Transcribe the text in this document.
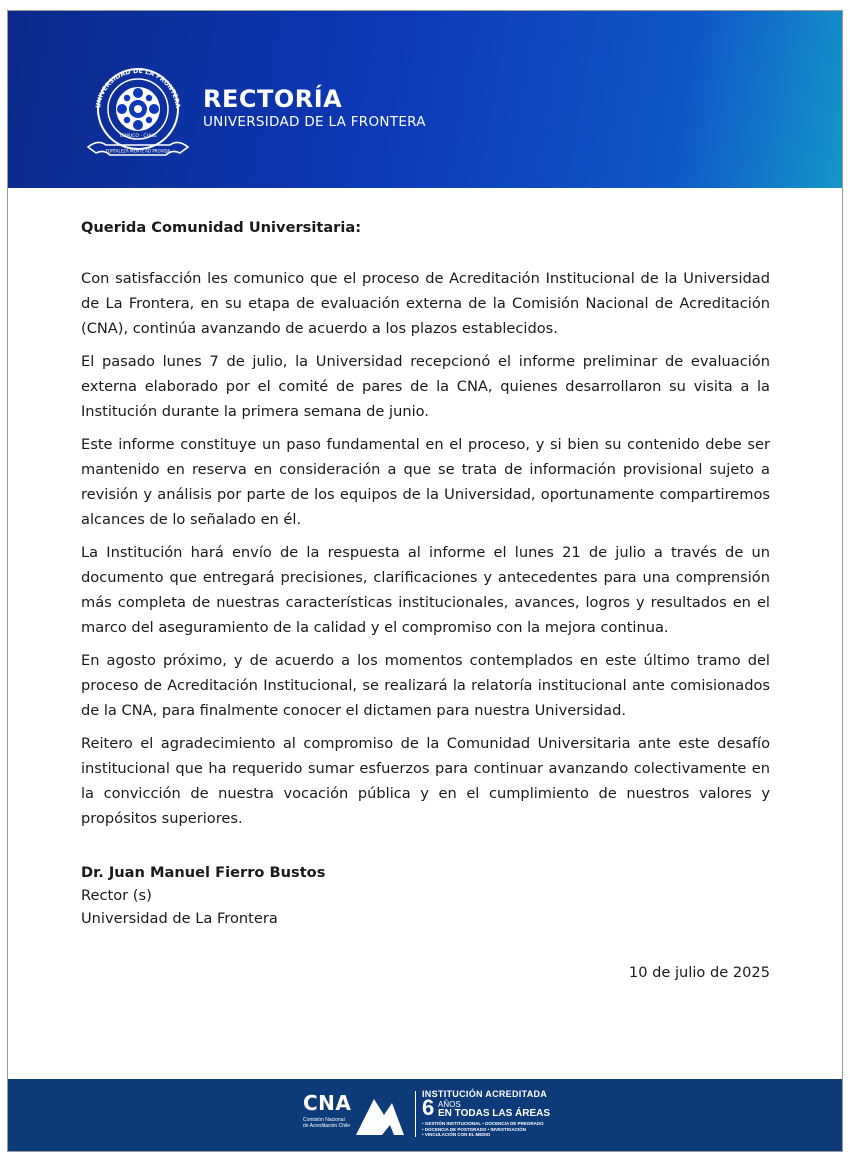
UNIVERSIDAD DE LA FRONTERA
TEMUCO · CHILE
FORTALEZA MENTE AD PROVIDA
RECTORÍA
UNIVERSIDAD DE LA FRONTERA

Querida Comunidad Universitaria:

Con satisfacción les comunico que el proceso de Acreditación Institucional de la Universidad de La Frontera, en su etapa de evaluación externa de la Comisión Nacional de Acreditación (CNA), continúa avanzando de acuerdo a los plazos establecidos.

El pasado lunes 7 de julio, la Universidad recepcionó el informe preliminar de evaluación externa elaborado por el comité de pares de la CNA, quienes desarrollaron su visita a la Institución durante la primera semana de junio.

Este informe constituye un paso fundamental en el proceso, y si bien su contenido debe ser mantenido en reserva en consideración a que se trata de información provisional sujeto a revisión y análisis por parte de los equipos de la Universidad, oportunamente compartiremos alcances de lo señalado en él.

La Institución hará envío de la respuesta al informe el lunes 21 de julio a través de un documento que entregará precisiones, clarificaciones y antecedentes para una comprensión más completa de nuestras características institucionales, avances, logros y resultados en el marco del aseguramiento de la calidad y el compromiso con la mejora continua.

En agosto próximo, y de acuerdo a los momentos contemplados en este último tramo del proceso de Acreditación Institucional, se realizará la relatoría institucional ante comisionados de la CNA, para finalmente conocer el dictamen para nuestra Universidad.

Reitero el agradecimiento al compromiso de la Comunidad Universitaria ante este desafío institucional que ha requerido sumar esfuerzos para continuar avanzando colectivamente en la convicción de nuestra vocación pública y en el cumplimiento de nuestros valores y propósitos superiores.

Dr. Juan Manuel Fierro Bustos
Rector (s)
Universidad de La Frontera
10 de julio de 2025
CNA
Comisión Nacional de Acreditación Chile
INSTITUCIÓN ACREDITADA
6 AÑOS
EN TODAS LAS ÁREAS
• GESTIÓN INSTITUCIONAL • DOCENCIA DE PREGRADO
• DOCENCIA DE POSTGRADO • INVESTIGACIÓN
• VINCULACIÓN CON EL MEDIO
